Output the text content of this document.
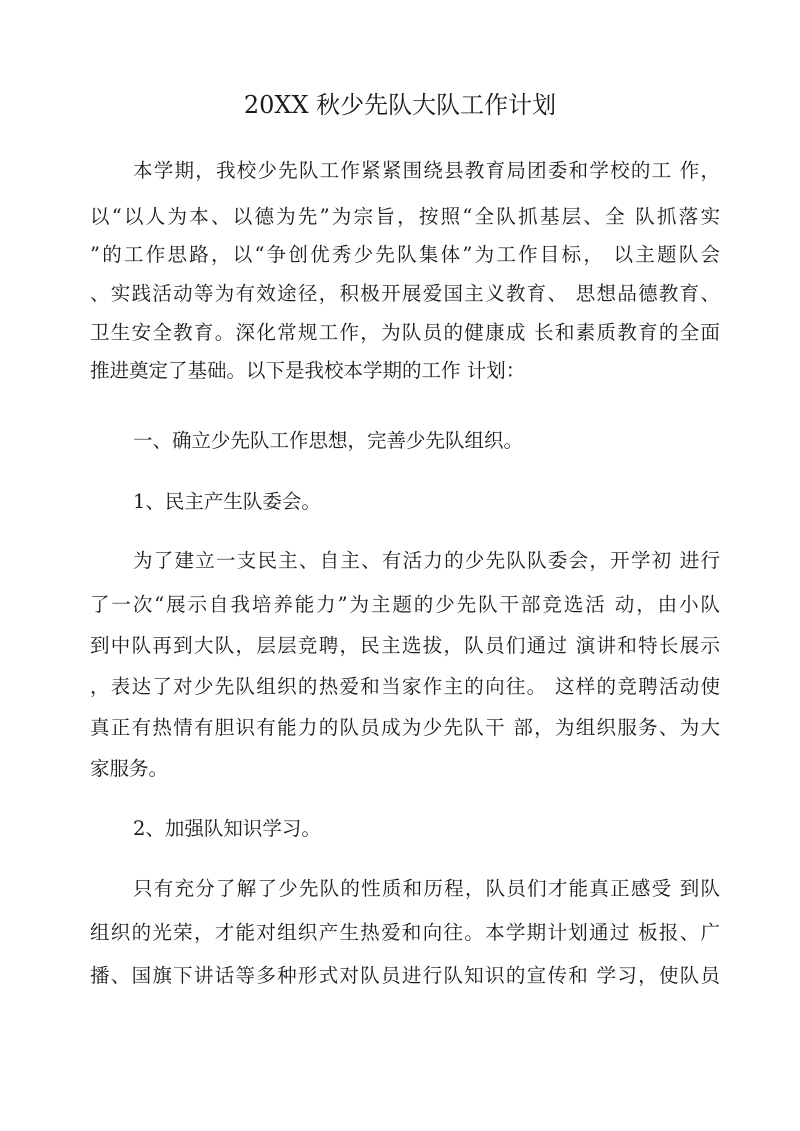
20XX 秋少先队大队工作计划

本学期，我校少先队工作紧紧围绕县教育局团委和学校的工 作，

以“以人为本、以德为先”为宗旨，按照“全队抓基层、全 队抓落实

”的工作思路，以“争创优秀少先队集体”为工作目标， 以主题队会

、实践活动等为有效途径，积极开展爱国主义教育、 思想品德教育、

卫生安全教育。深化常规工作，为队员的健康成 长和素质教育的全面

推进奠定了基础。以下是我校本学期的工作 计划：

一、确立少先队工作思想，完善少先队组织。

1、民主产生队委会。

为了建立一支民主、自主、有活力的少先队队委会，开学初 进行

了一次“展示自我培养能力”为主题的少先队干部竞选活 动，由小队

到中队再到大队，层层竞聘，民主选拔，队员们通过 演讲和特长展示

，表达了对少先队组织的热爱和当家作主的向往。 这样的竞聘活动使

真正有热情有胆识有能力的队员成为少先队干 部，为组织服务、为大

家服务。

2、加强队知识学习。

只有充分了解了少先队的性质和历程，队员们才能真正感受 到队

组织的光荣，才能对组织产生热爱和向往。本学期计划通过 板报、广

播、国旗下讲话等多种形式对队员进行队知识的宣传和 学习，使队员
